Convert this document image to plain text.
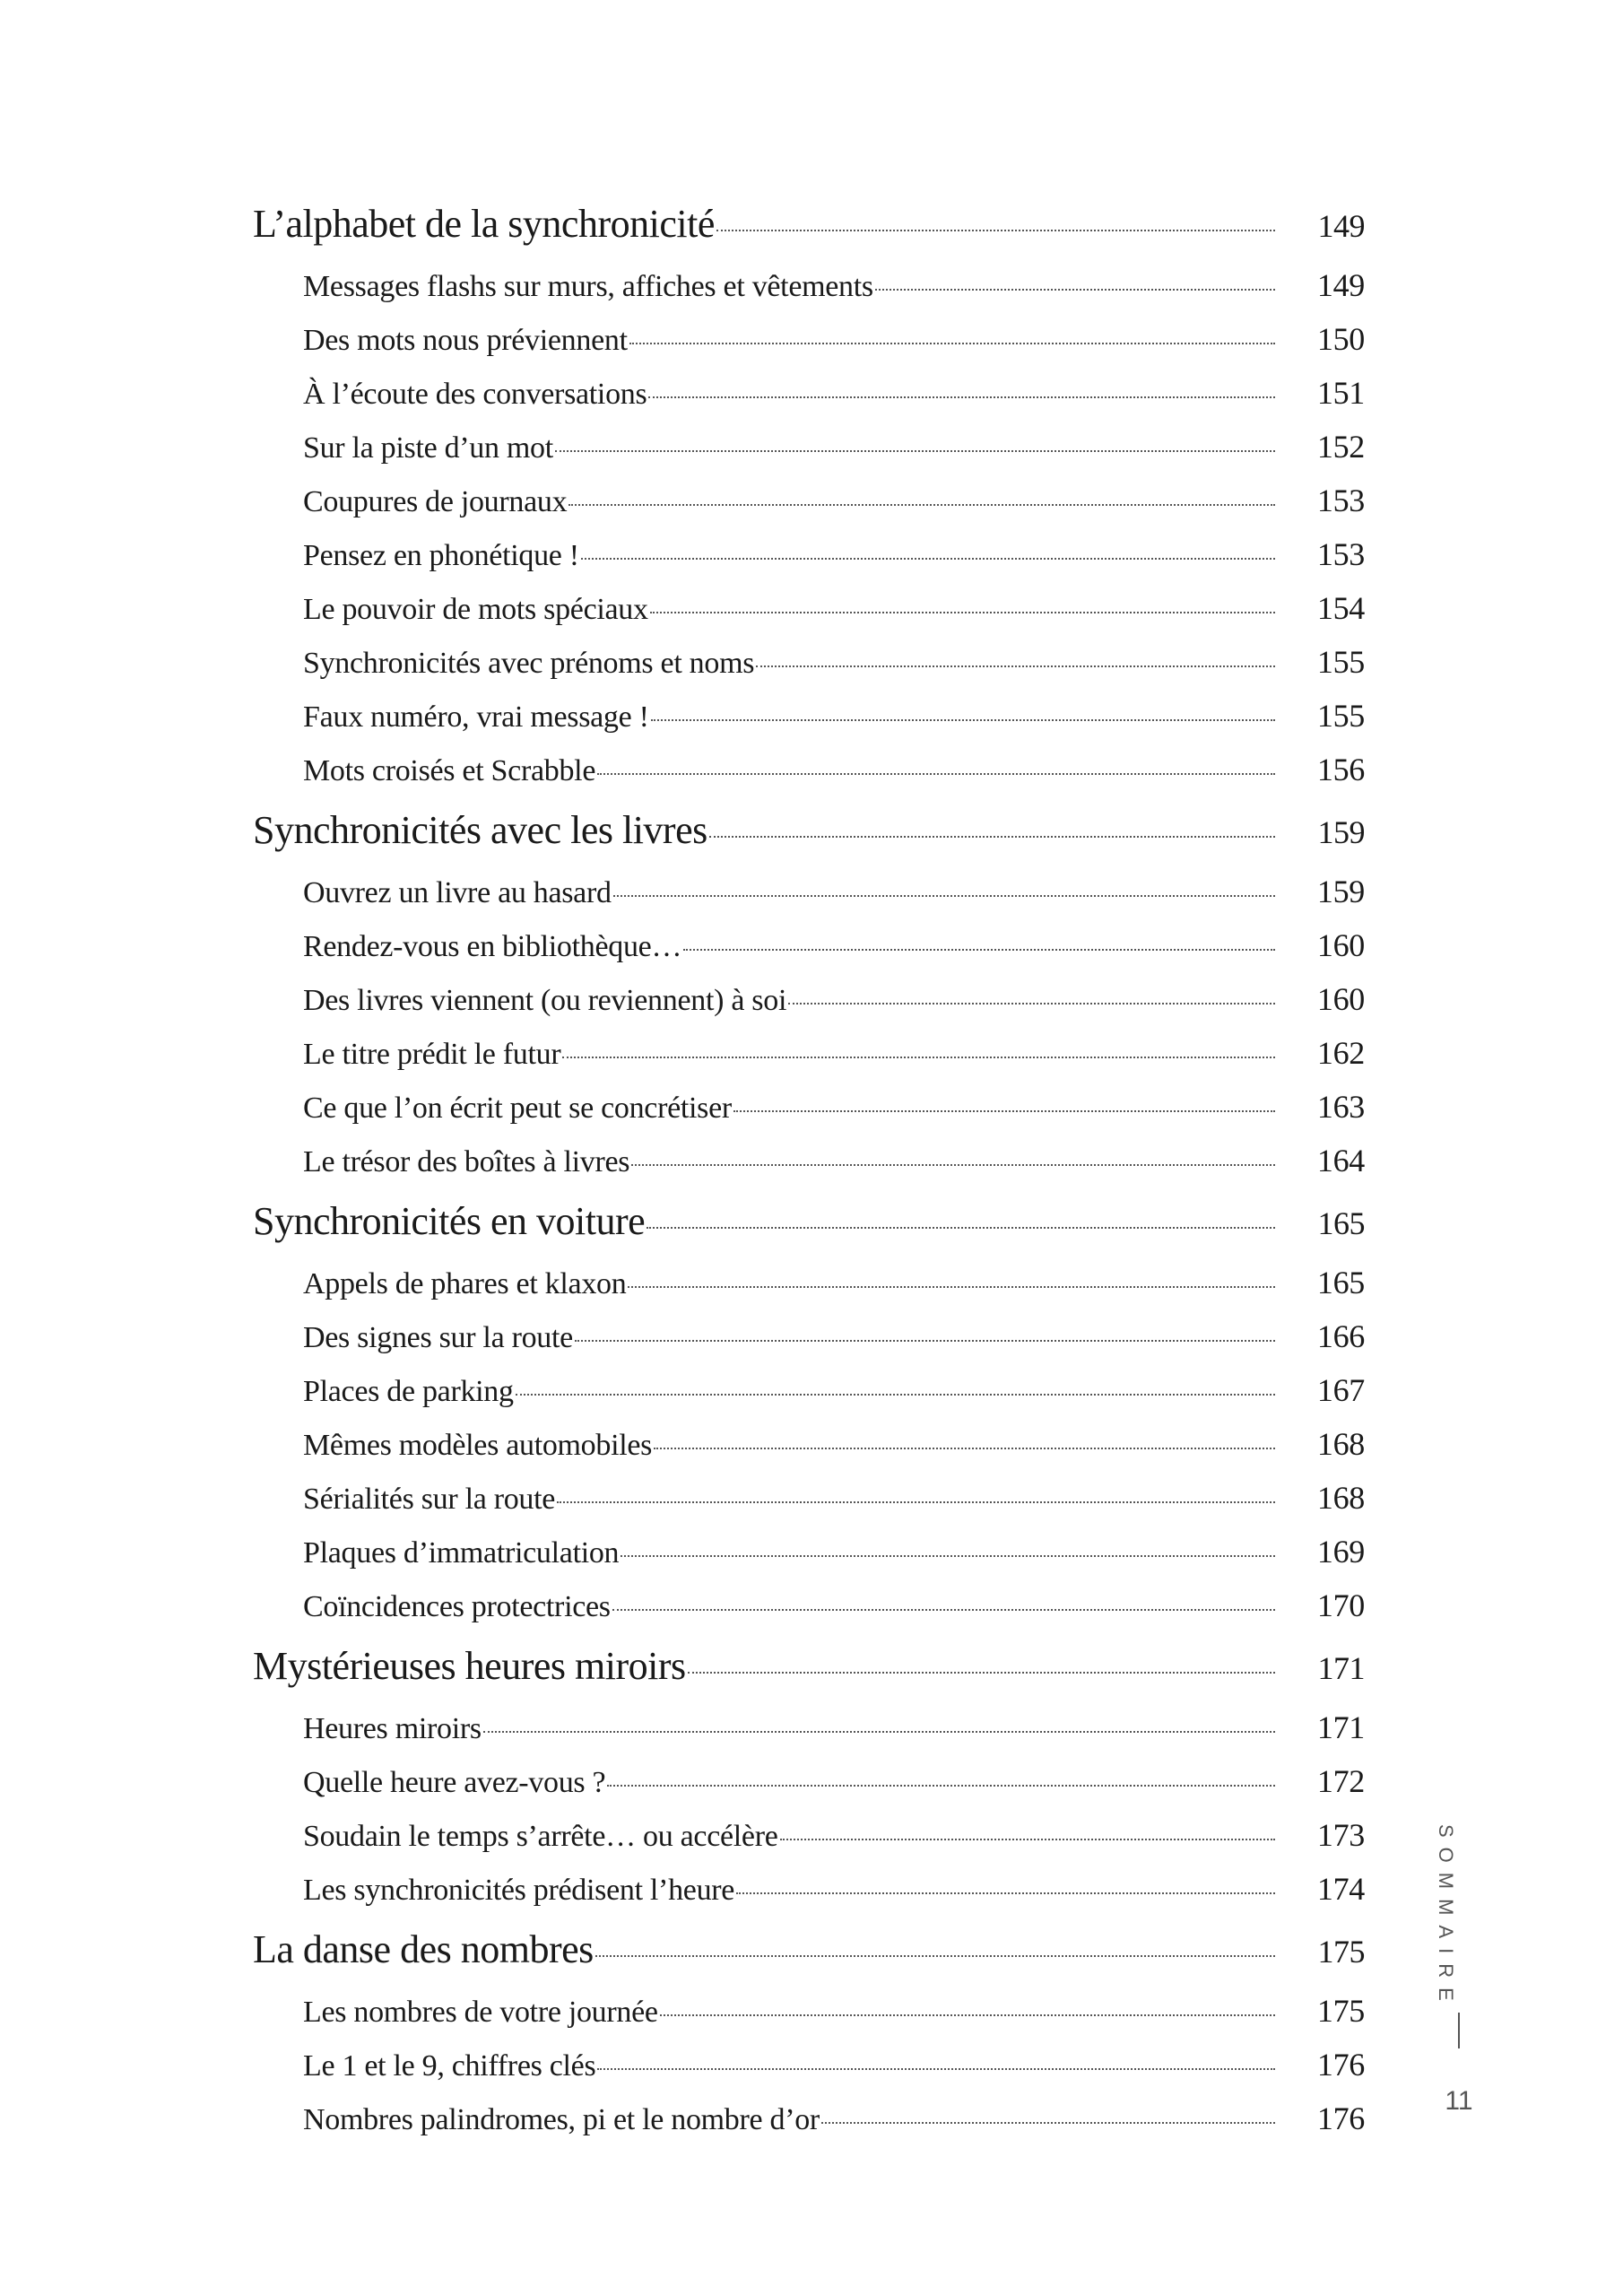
L’alphabet de la synchronicité	149
Messages flashs sur murs, affiches et vêtements	149
Des mots nous préviennent	150
À l’écoute des conversations	151
Sur la piste d’un mot	152
Coupures de journaux	153
Pensez en phonétique !	153
Le pouvoir de mots spéciaux	154
Synchronicités avec prénoms et noms	155
Faux numéro, vrai message !	155
Mots croisés et Scrabble	156
Synchronicités avec les livres	159
Ouvrez un livre au hasard	159
Rendez-vous en bibliothèque…	160
Des livres viennent (ou reviennent) à soi	160
Le titre prédit le futur	162
Ce que l’on écrit peut se concrétiser	163
Le trésor des boîtes à livres	164
Synchronicités en voiture	165
Appels de phares et klaxon	165
Des signes sur la route	166
Places de parking	167
Mêmes modèles automobiles	168
Sérialités sur la route	168
Plaques d’immatriculation	169
Coïncidences protectrices	170
Mystérieuses heures miroirs	171
Heures miroirs	171
Quelle heure avez-vous ?	172
Soudain le temps s’arrête… ou accélère	173
Les synchronicités prédisent l’heure	174
La danse des nombres	175
Les nombres de votre journée	175
Le 1 et le 9, chiffres clés	176
Nombres palindromes, pi et le nombre d’or	176
SOMMAIRE
11
